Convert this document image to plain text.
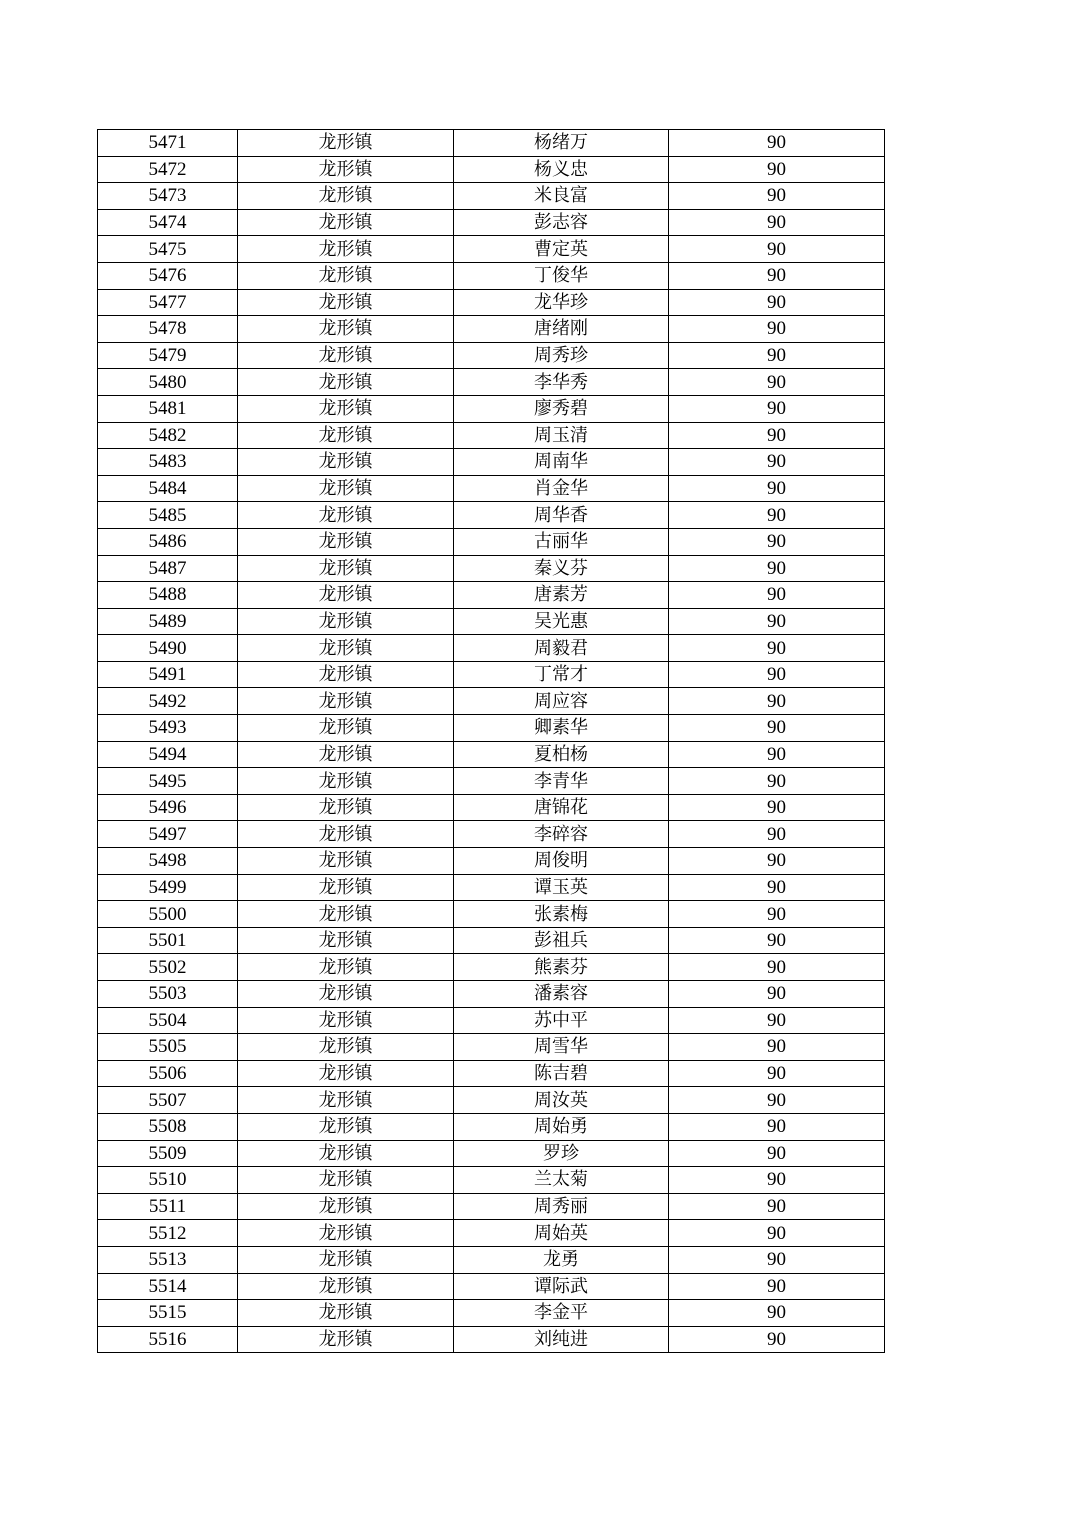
5471	龙形镇	杨绪万	90
5472	龙形镇	杨义忠	90
5473	龙形镇	米良富	90
5474	龙形镇	彭志容	90
5475	龙形镇	曹定英	90
5476	龙形镇	丁俊华	90
5477	龙形镇	龙华珍	90
5478	龙形镇	唐绪刚	90
5479	龙形镇	周秀珍	90
5480	龙形镇	李华秀	90
5481	龙形镇	廖秀碧	90
5482	龙形镇	周玉清	90
5483	龙形镇	周南华	90
5484	龙形镇	肖金华	90
5485	龙形镇	周华香	90
5486	龙形镇	古丽华	90
5487	龙形镇	秦义芬	90
5488	龙形镇	唐素芳	90
5489	龙形镇	吴光惠	90
5490	龙形镇	周毅君	90
5491	龙形镇	丁常才	90
5492	龙形镇	周应容	90
5493	龙形镇	卿素华	90
5494	龙形镇	夏柏杨	90
5495	龙形镇	李青华	90
5496	龙形镇	唐锦花	90
5497	龙形镇	李碎容	90
5498	龙形镇	周俊明	90
5499	龙形镇	谭玉英	90
5500	龙形镇	张素梅	90
5501	龙形镇	彭祖兵	90
5502	龙形镇	熊素芬	90
5503	龙形镇	潘素容	90
5504	龙形镇	苏中平	90
5505	龙形镇	周雪华	90
5506	龙形镇	陈吉碧	90
5507	龙形镇	周汝英	90
5508	龙形镇	周始勇	90
5509	龙形镇	罗珍	90
5510	龙形镇	兰太菊	90
5511	龙形镇	周秀丽	90
5512	龙形镇	周始英	90
5513	龙形镇	龙勇	90
5514	龙形镇	谭际武	90
5515	龙形镇	李金平	90
5516	龙形镇	刘纯进	90
